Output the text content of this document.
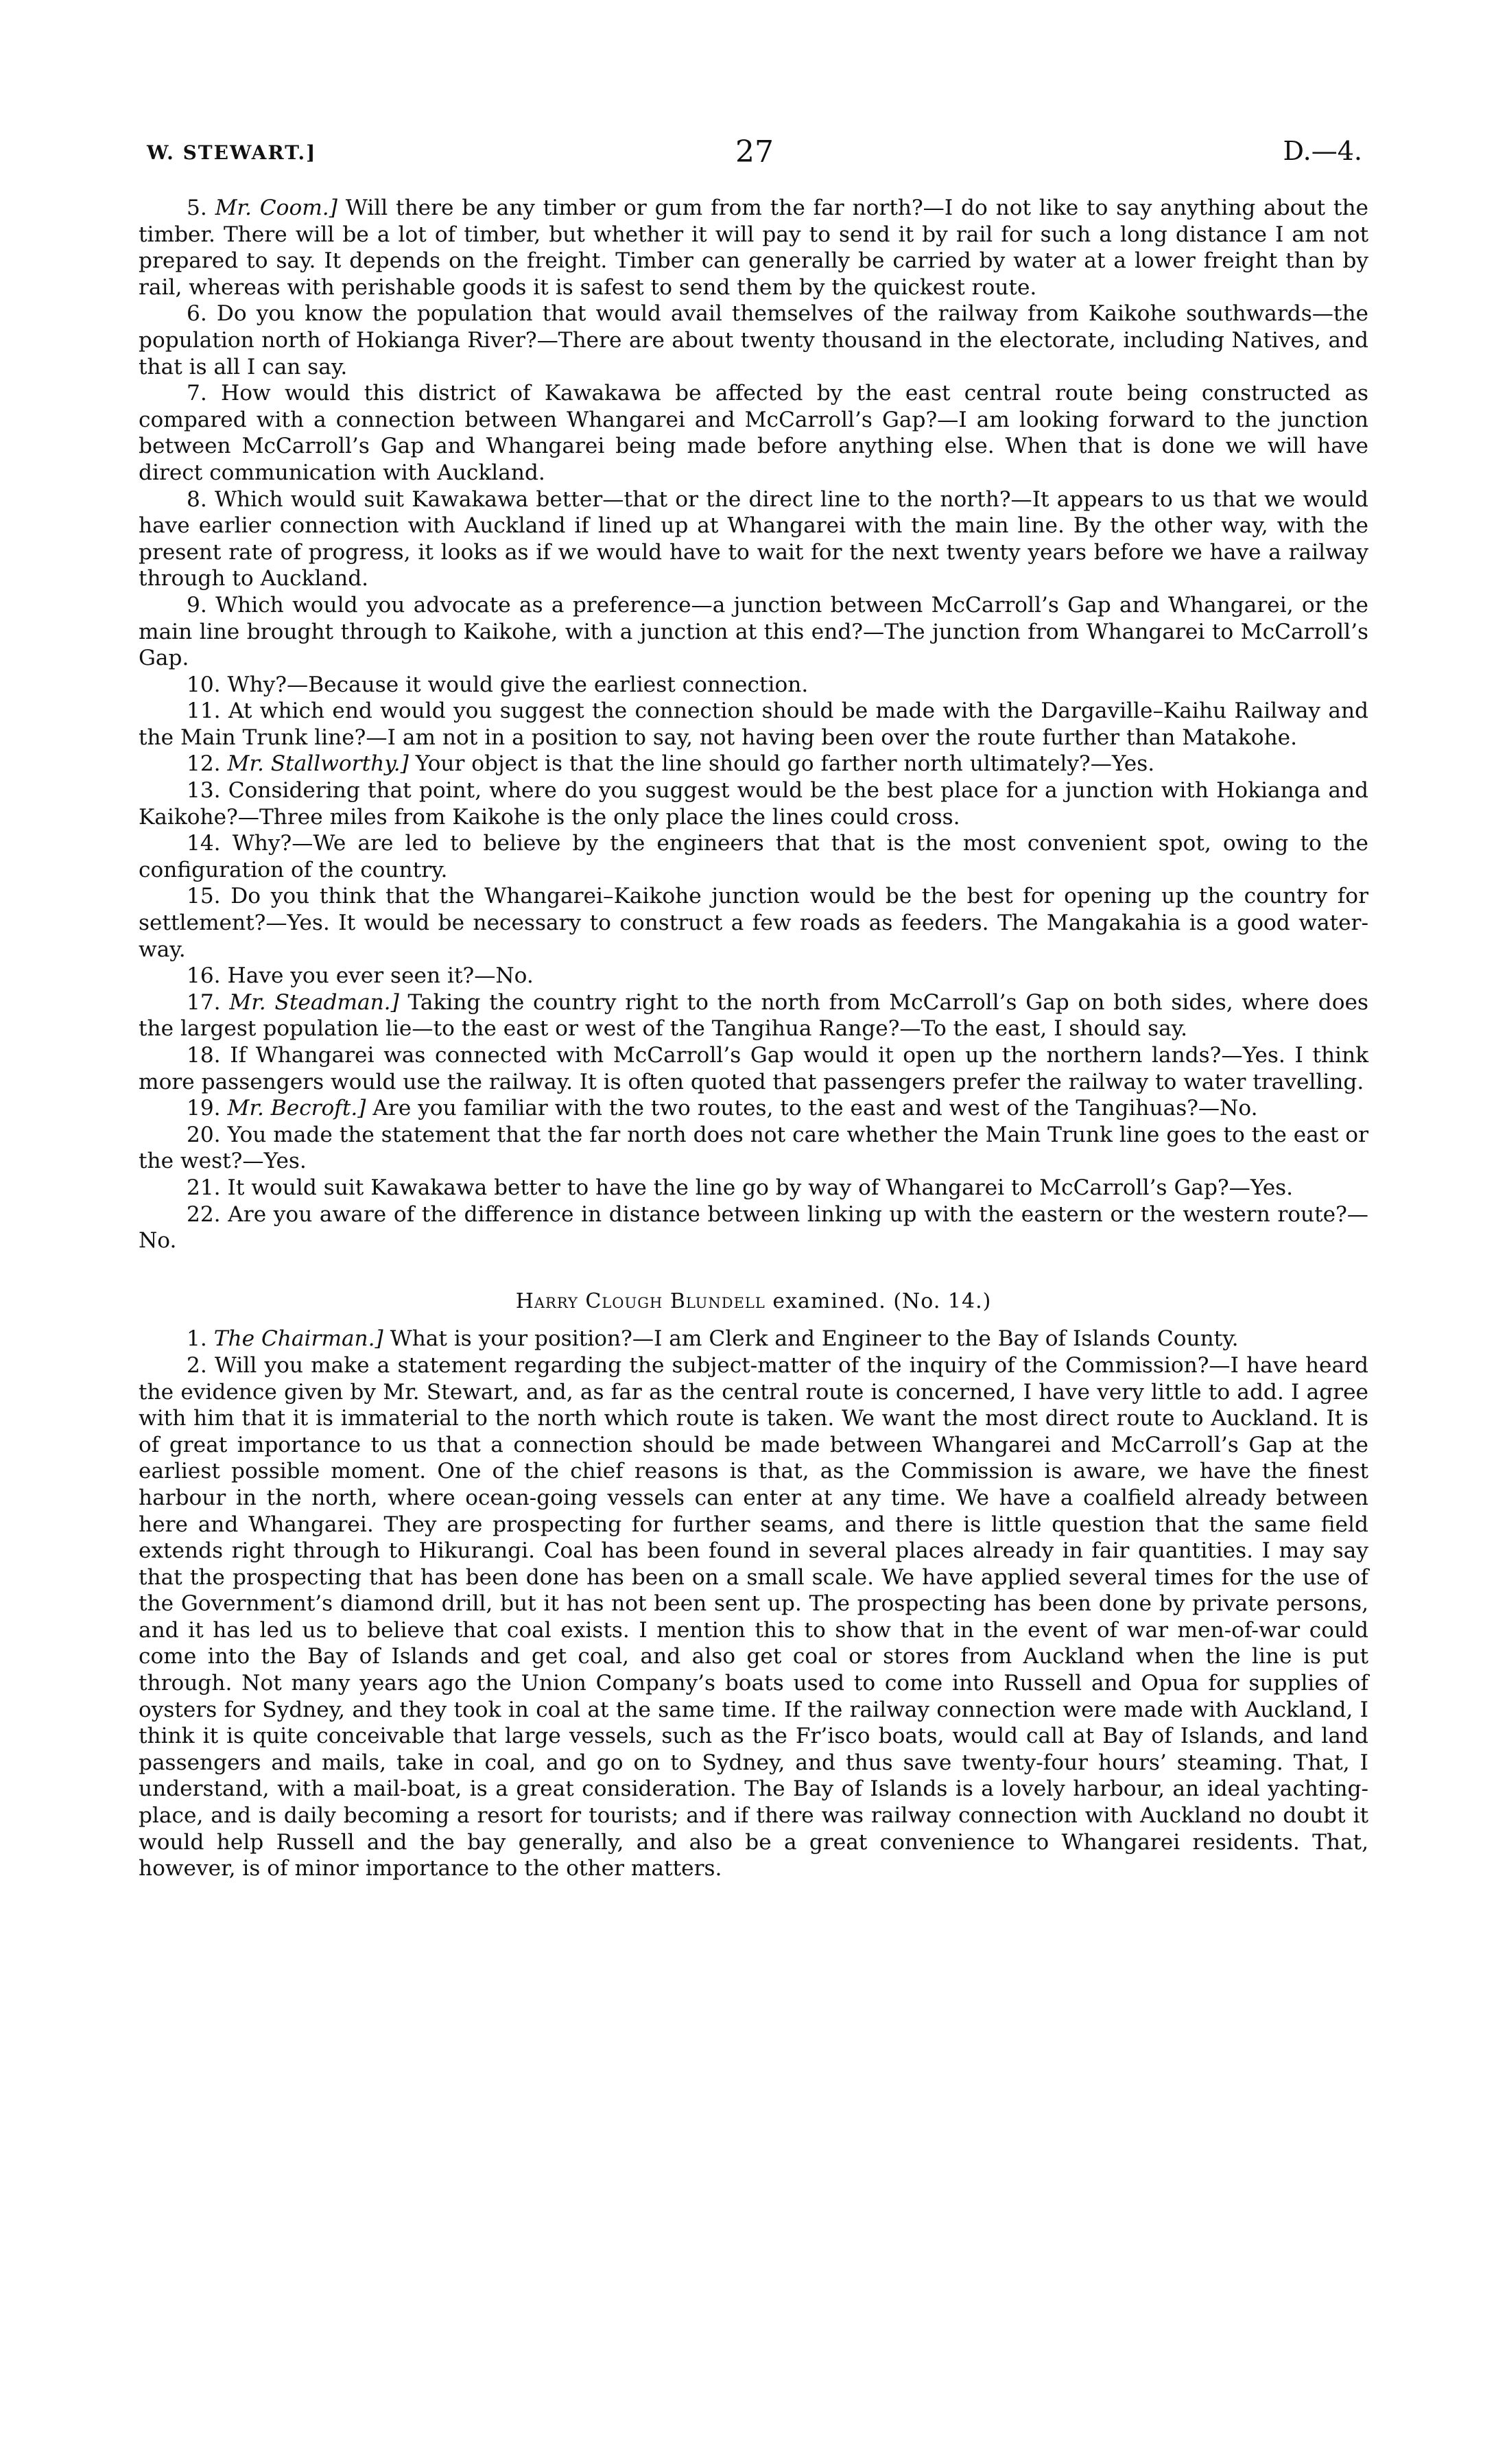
W. STEWART.]	27	D.—4.

5. Mr. Coom.] Will there be any timber or gum from the far north?—I do not like to say anything about the timber. There will be a lot of timber, but whether it will pay to send it by rail for such a long distance I am not prepared to say. It depends on the freight. Timber can generally be carried by water at a lower freight than by rail, whereas with perishable goods it is safest to send them by the quickest route.

6. Do you know the population that would avail themselves of the railway from Kaikohe southwards—the population north of Hokianga River?—There are about twenty thousand in the electorate, including Natives, and that is all I can say.

7. How would this district of Kawakawa be affected by the east central route being constructed as compared with a connection between Whangarei and McCarroll’s Gap?—I am looking forward to the junction between McCarroll’s Gap and Whangarei being made before anything else. When that is done we will have direct communication with Auckland.

8. Which would suit Kawakawa better—that or the direct line to the north?—It appears to us that we would have earlier connection with Auckland if lined up at Whangarei with the main line. By the other way, with the present rate of progress, it looks as if we would have to wait for the next twenty years before we have a railway through to Auckland.

9. Which would you advocate as a preference—a junction between McCarroll’s Gap and Whangarei, or the main line brought through to Kaikohe, with a junction at this end?—The junction from Whangarei to McCarroll’s Gap.

10. Why?—Because it would give the earliest connection.

11. At which end would you suggest the connection should be made with the Dargaville–Kaihu Railway and the Main Trunk line?—I am not in a position to say, not having been over the route further than Matakohe.

12. Mr. Stallworthy.] Your object is that the line should go farther north ultimately?—Yes.

13. Considering that point, where do you suggest would be the best place for a junction with Hokianga and Kaikohe?—Three miles from Kaikohe is the only place the lines could cross.

14. Why?—We are led to believe by the engineers that that is the most convenient spot, owing to the configuration of the country.

15. Do you think that the Whangarei–Kaikohe junction would be the best for opening up the country for settlement?—Yes. It would be necessary to construct a few roads as feeders. The Mangakahia is a good water-way.

16. Have you ever seen it?—No.

17. Mr. Steadman.] Taking the country right to the north from McCarroll’s Gap on both sides, where does the largest population lie—to the east or west of the Tangihua Range?—To the east, I should say.

18. If Whangarei was connected with McCarroll’s Gap would it open up the northern lands?—Yes. I think more passengers would use the railway. It is often quoted that passengers prefer the railway to water travelling.

19. Mr. Becroft.] Are you familiar with the two routes, to the east and west of the Tangihuas?—No.

20. You made the statement that the far north does not care whether the Main Trunk line goes to the east or the west?—Yes.

21. It would suit Kawakawa better to have the line go by way of Whangarei to McCarroll’s Gap?—Yes.

22. Are you aware of the difference in distance between linking up with the eastern or the western route?—No.

Harry Clough Blundell examined. (No. 14.)

1. The Chairman.] What is your position?—I am Clerk and Engineer to the Bay of Islands County.

2. Will you make a statement regarding the subject-matter of the inquiry of the Commission?—I have heard the evidence given by Mr. Stewart, and, as far as the central route is concerned, I have very little to add. I agree with him that it is immaterial to the north which route is taken. We want the most direct route to Auckland. It is of great importance to us that a connection should be made between Whangarei and McCarroll’s Gap at the earliest possible moment. One of the chief reasons is that, as the Commission is aware, we have the finest harbour in the north, where ocean-going vessels can enter at any time. We have a coalfield already between here and Whangarei. They are prospecting for further seams, and there is little question that the same field extends right through to Hikurangi. Coal has been found in several places already in fair quantities. I may say that the prospecting that has been done has been on a small scale. We have applied several times for the use of the Government’s diamond drill, but it has not been sent up. The prospecting has been done by private persons, and it has led us to believe that coal exists. I mention this to show that in the event of war men-of-war could come into the Bay of Islands and get coal, and also get coal or stores from Auckland when the line is put through. Not many years ago the Union Company’s boats used to come into Russell and Opua for supplies of oysters for Sydney, and they took in coal at the same time. If the railway connection were made with Auckland, I think it is quite conceivable that large vessels, such as the Fr’isco boats, would call at Bay of Islands, and land passengers and mails, take in coal, and go on to Sydney, and thus save twenty-four hours’ steaming. That, I understand, with a mail-boat, is a great consideration. The Bay of Islands is a lovely harbour, an ideal yachting-place, and is daily becoming a resort for tourists; and if there was railway connection with Auckland no doubt it would help Russell and the bay generally, and also be a great convenience to Whangarei residents. That, however, is of minor importance to the other matters.
